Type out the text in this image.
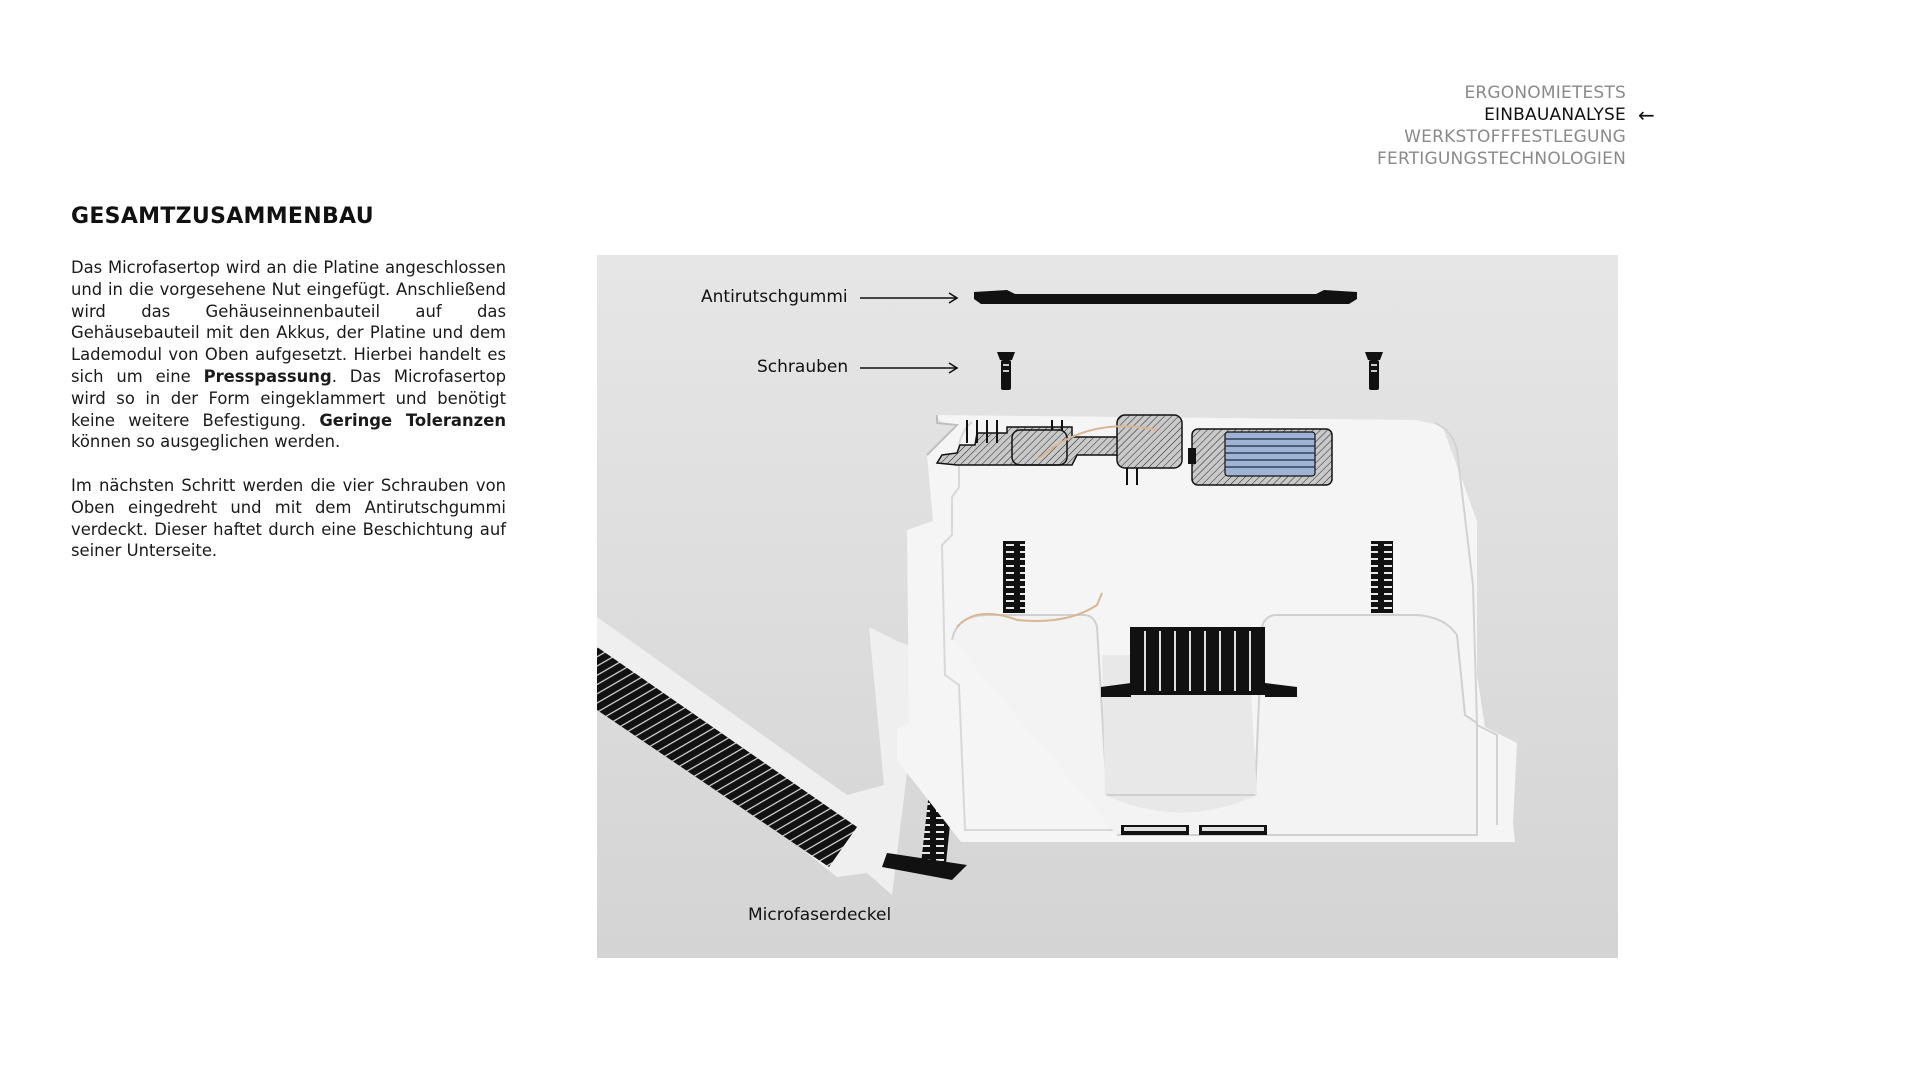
ERGONOMIETESTS
EINBAUANALYSE ←
WERKSTOFFFESTLEGUNG
FERTIGUNGSTECHNOLOGIEN
GESAMTZUSAMMENBAU

Das Microfasertop wird an die Platine angeschlossen und in die vorgesehene Nut eingefügt. Anschließend wird das Gehäuseinnenbauteil auf das Gehäusebauteil mit den Akkus, der Platine und dem Lademodul von Oben aufgesetzt. Hierbei handelt es sich um eine Presspassung. Das Microfasertop wird so in der Form eingeklammert und benötigt keine weitere Befestigung. Geringe Toleranzen können so ausgeglichen werden.

Im nächsten Schritt werden die vier Schrauben von Oben eingedreht und mit dem Antirutschgummi verdeckt. Dieser haftet durch eine Beschichtung auf seiner Unterseite.

Antirutschgummi
Schrauben
Microfaserdeckel
